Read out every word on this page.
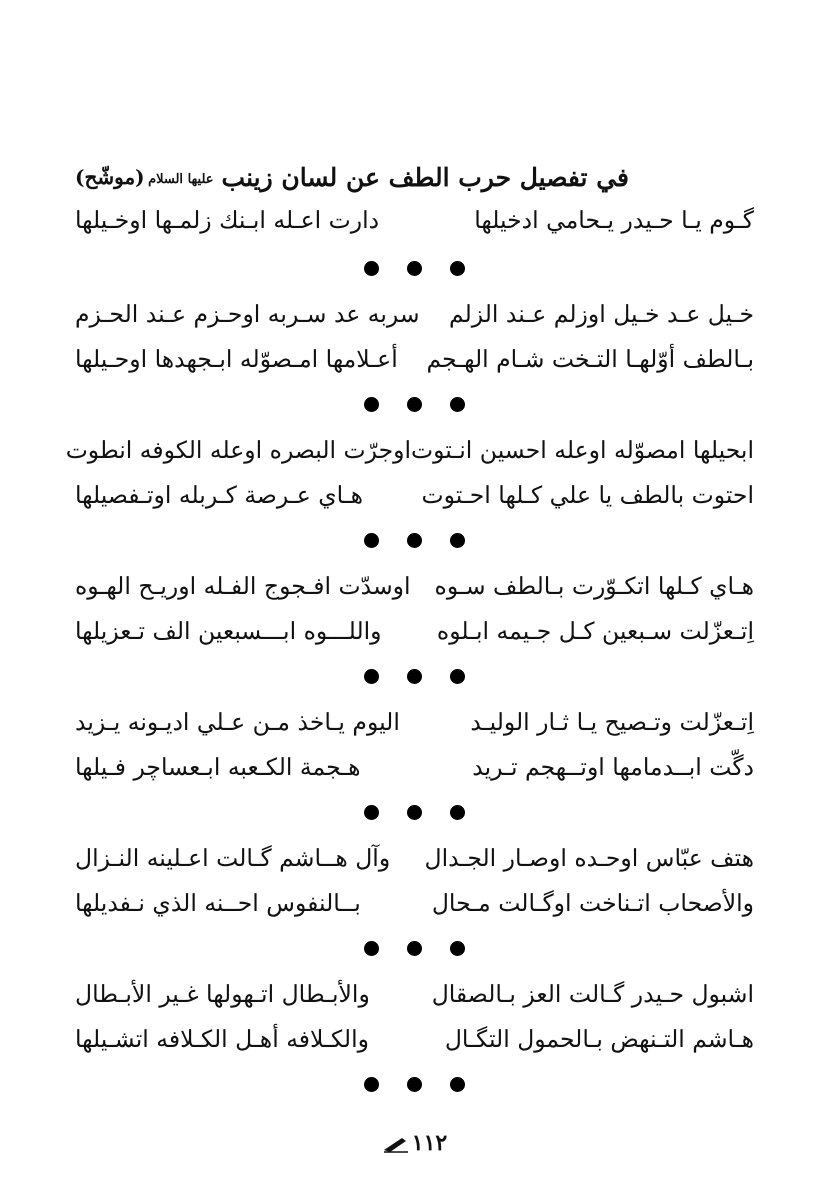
في تفصيل حرب الطف عن لسان زينبعليها السلام
(موشّح)
گـوم يـا حـيدر يـحامي ادخيلها
دارت اعـله ابـنك زلمـها اوخـيلها
خـيل عـد خـيل اوزلم عـند الزلم
سربه عد سـربه اوحـزم عـند الحـزم
بـالطف أوّلهـا التـخت شـام الهـجم
أعـلامها امـصوّله ابـجهدها اوحـيلها
ابحيلها امصوّله اوعله احسين انـتوت
اوجرّت البصره اوعله الكوفه انطوت
احتوت بالطف يا علي كـلها احـتوت
هـاي عـرصة كـربله اوتـفصيلها
هـاي كـلها اتكـوّرت بـالطف سـوه
اوسدّت افـجوج الفـله اوريـح الهـوه
اِتـعزّلت سـبعين كـل جـيمه ابـلوه
واللـــوه ابـــسبعين الف تـعزيلها
اِتـعزّلت وتـصيح يـا ثـار الوليـد
اليوم يـاخذ مـن عـلي اديـونه يـزيد
دگّت ابــدمامها اوتــهجم تـريد
هـجمة الكـعبه ابـعساچر فـيلها
هتف عبّاس اوحـده اوصـار الجـدال
وآل هــاشم گـالت اعـلينه النـزال
والأصحاب اتـناخت اوگـالت مـحال
بــالنفوس احــنه الذي نـفديلها
اشبول حـيدر گـالت العز بـالصقال
والأبـطال اتـهولها غـير الأبـطال
هـاشم التـنهض بـالحمول التگـال
والكـلافه أهـل الكـلافه اتشـيلها
١١٢
